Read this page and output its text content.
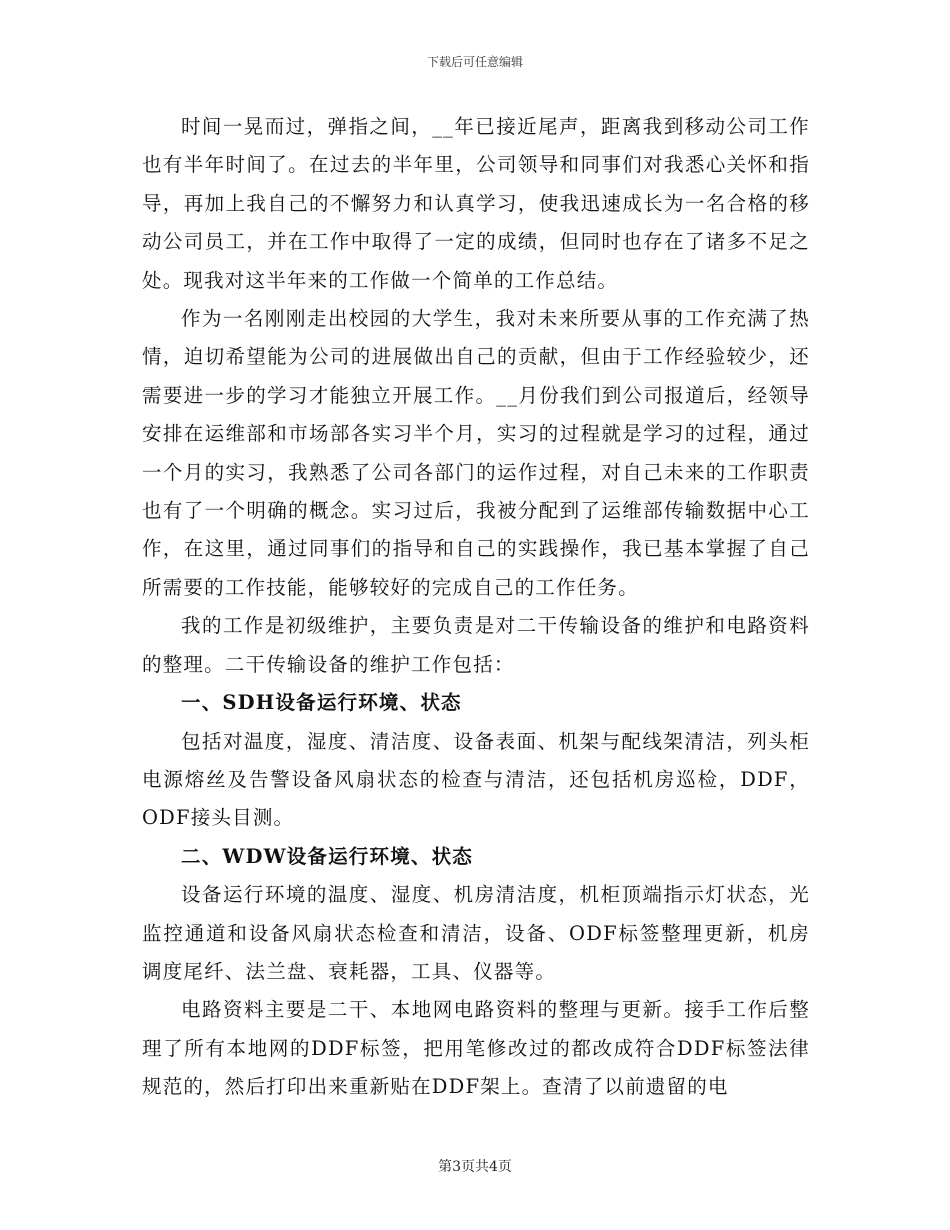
下载后可任意编辑

时间一晃而过，弹指之间，__年已接近尾声，距离我到移动公司工作也有半年时间了。在过去的半年里，公司领导和同事们对我悉心关怀和指导，再加上我自己的不懈努力和认真学习，使我迅速成长为一名合格的移动公司员工，并在工作中取得了一定的成绩，但同时也存在了诸多不足之处。现我对这半年来的工作做一个简单的工作总结。

作为一名刚刚走出校园的大学生，我对未来所要从事的工作充满了热情，迫切希望能为公司的进展做出自己的贡献，但由于工作经验较少，还需要进一步的学习才能独立开展工作。__月份我们到公司报道后，经领导安排在运维部和市场部各实习半个月，实习的过程就是学习的过程，通过一个月的实习，我熟悉了公司各部门的运作过程，对自己未来的工作职责也有了一个明确的概念。实习过后，我被分配到了运维部传输数据中心工作，在这里，通过同事们的指导和自己的实践操作，我已基本掌握了自己所需要的工作技能，能够较好的完成自己的工作任务。

我的工作是初级维护，主要负责是对二干传输设备的维护和电路资料的整理。二干传输设备的维护工作包括：

一、SDH设备运行环境、状态

包括对温度，湿度、清洁度、设备表面、机架与配线架清洁，列头柜电源熔丝及告警设备风扇状态的检查与清洁，还包括机房巡检，DDF，ODF接头目测。

二、WDW设备运行环境、状态

设备运行环境的温度、湿度、机房清洁度，机柜顶端指示灯状态，光监控通道和设备风扇状态检查和清洁，设备、ODF标签整理更新，机房调度尾纤、法兰盘、衰耗器，工具、仪器等。

电路资料主要是二干、本地网电路资料的整理与更新。接手工作后整理了所有本地网的DDF标签，把用笔修改过的都改成符合DDF标签法律规范的，然后打印出来重新贴在DDF架上。查清了以前遗留的电

第3页共4页
